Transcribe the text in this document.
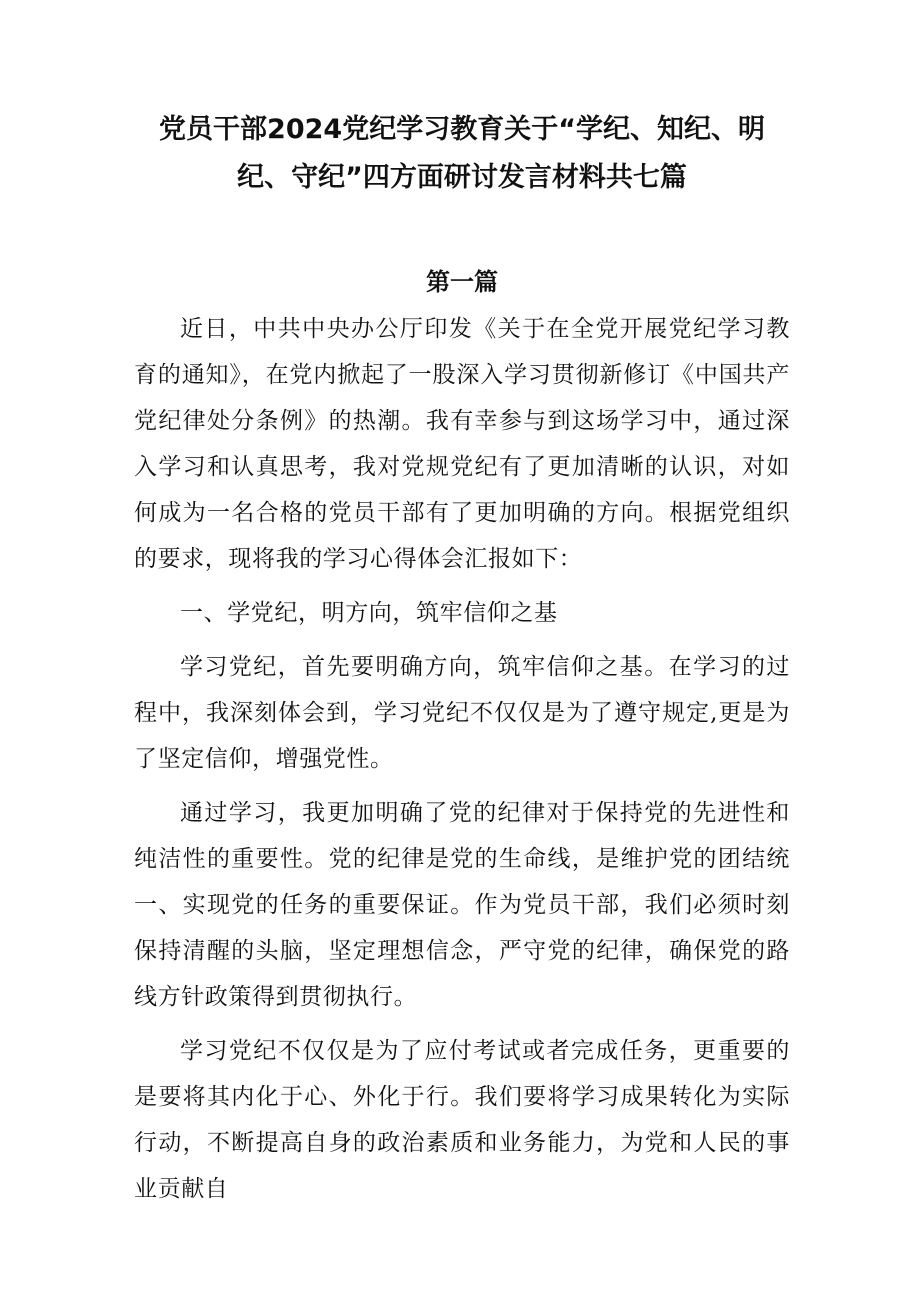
党员干部2024党纪学习教育关于“学纪、知纪、明纪、守纪”四方面研讨发言材料共七篇
第一篇

近日，中共中央办公厅印发《关于在全党开展党纪学习教育的通知》，在党内掀起了一股深入学习贯彻新修订《中国共产党纪律处分条例》的热潮。我有幸参与到这场学习中，通过深入学习和认真思考，我对党规党纪有了更加清晰的认识，对如何成为一名合格的党员干部有了更加明确的方向。根据党组织的要求，现将我的学习心得体会汇报如下：

一、学党纪，明方向，筑牢信仰之基

学习党纪，首先要明确方向，筑牢信仰之基。在学习的过程中，我深刻体会到，学习党纪不仅仅是为了遵守规定,更是为了坚定信仰，增强党性。

通过学习，我更加明确了党的纪律对于保持党的先进性和纯洁性的重要性。党的纪律是党的生命线，是维护党的团结统一、实现党的任务的重要保证。作为党员干部，我们必须时刻保持清醒的头脑，坚定理想信念，严守党的纪律，确保党的路线方针政策得到贯彻执行。

学习党纪不仅仅是为了应付考试或者完成任务，更重要的是要将其内化于心、外化于行。我们要将学习成果转化为实际行动，不断提高自身的政治素质和业务能力，为党和人民的事业贡献自
